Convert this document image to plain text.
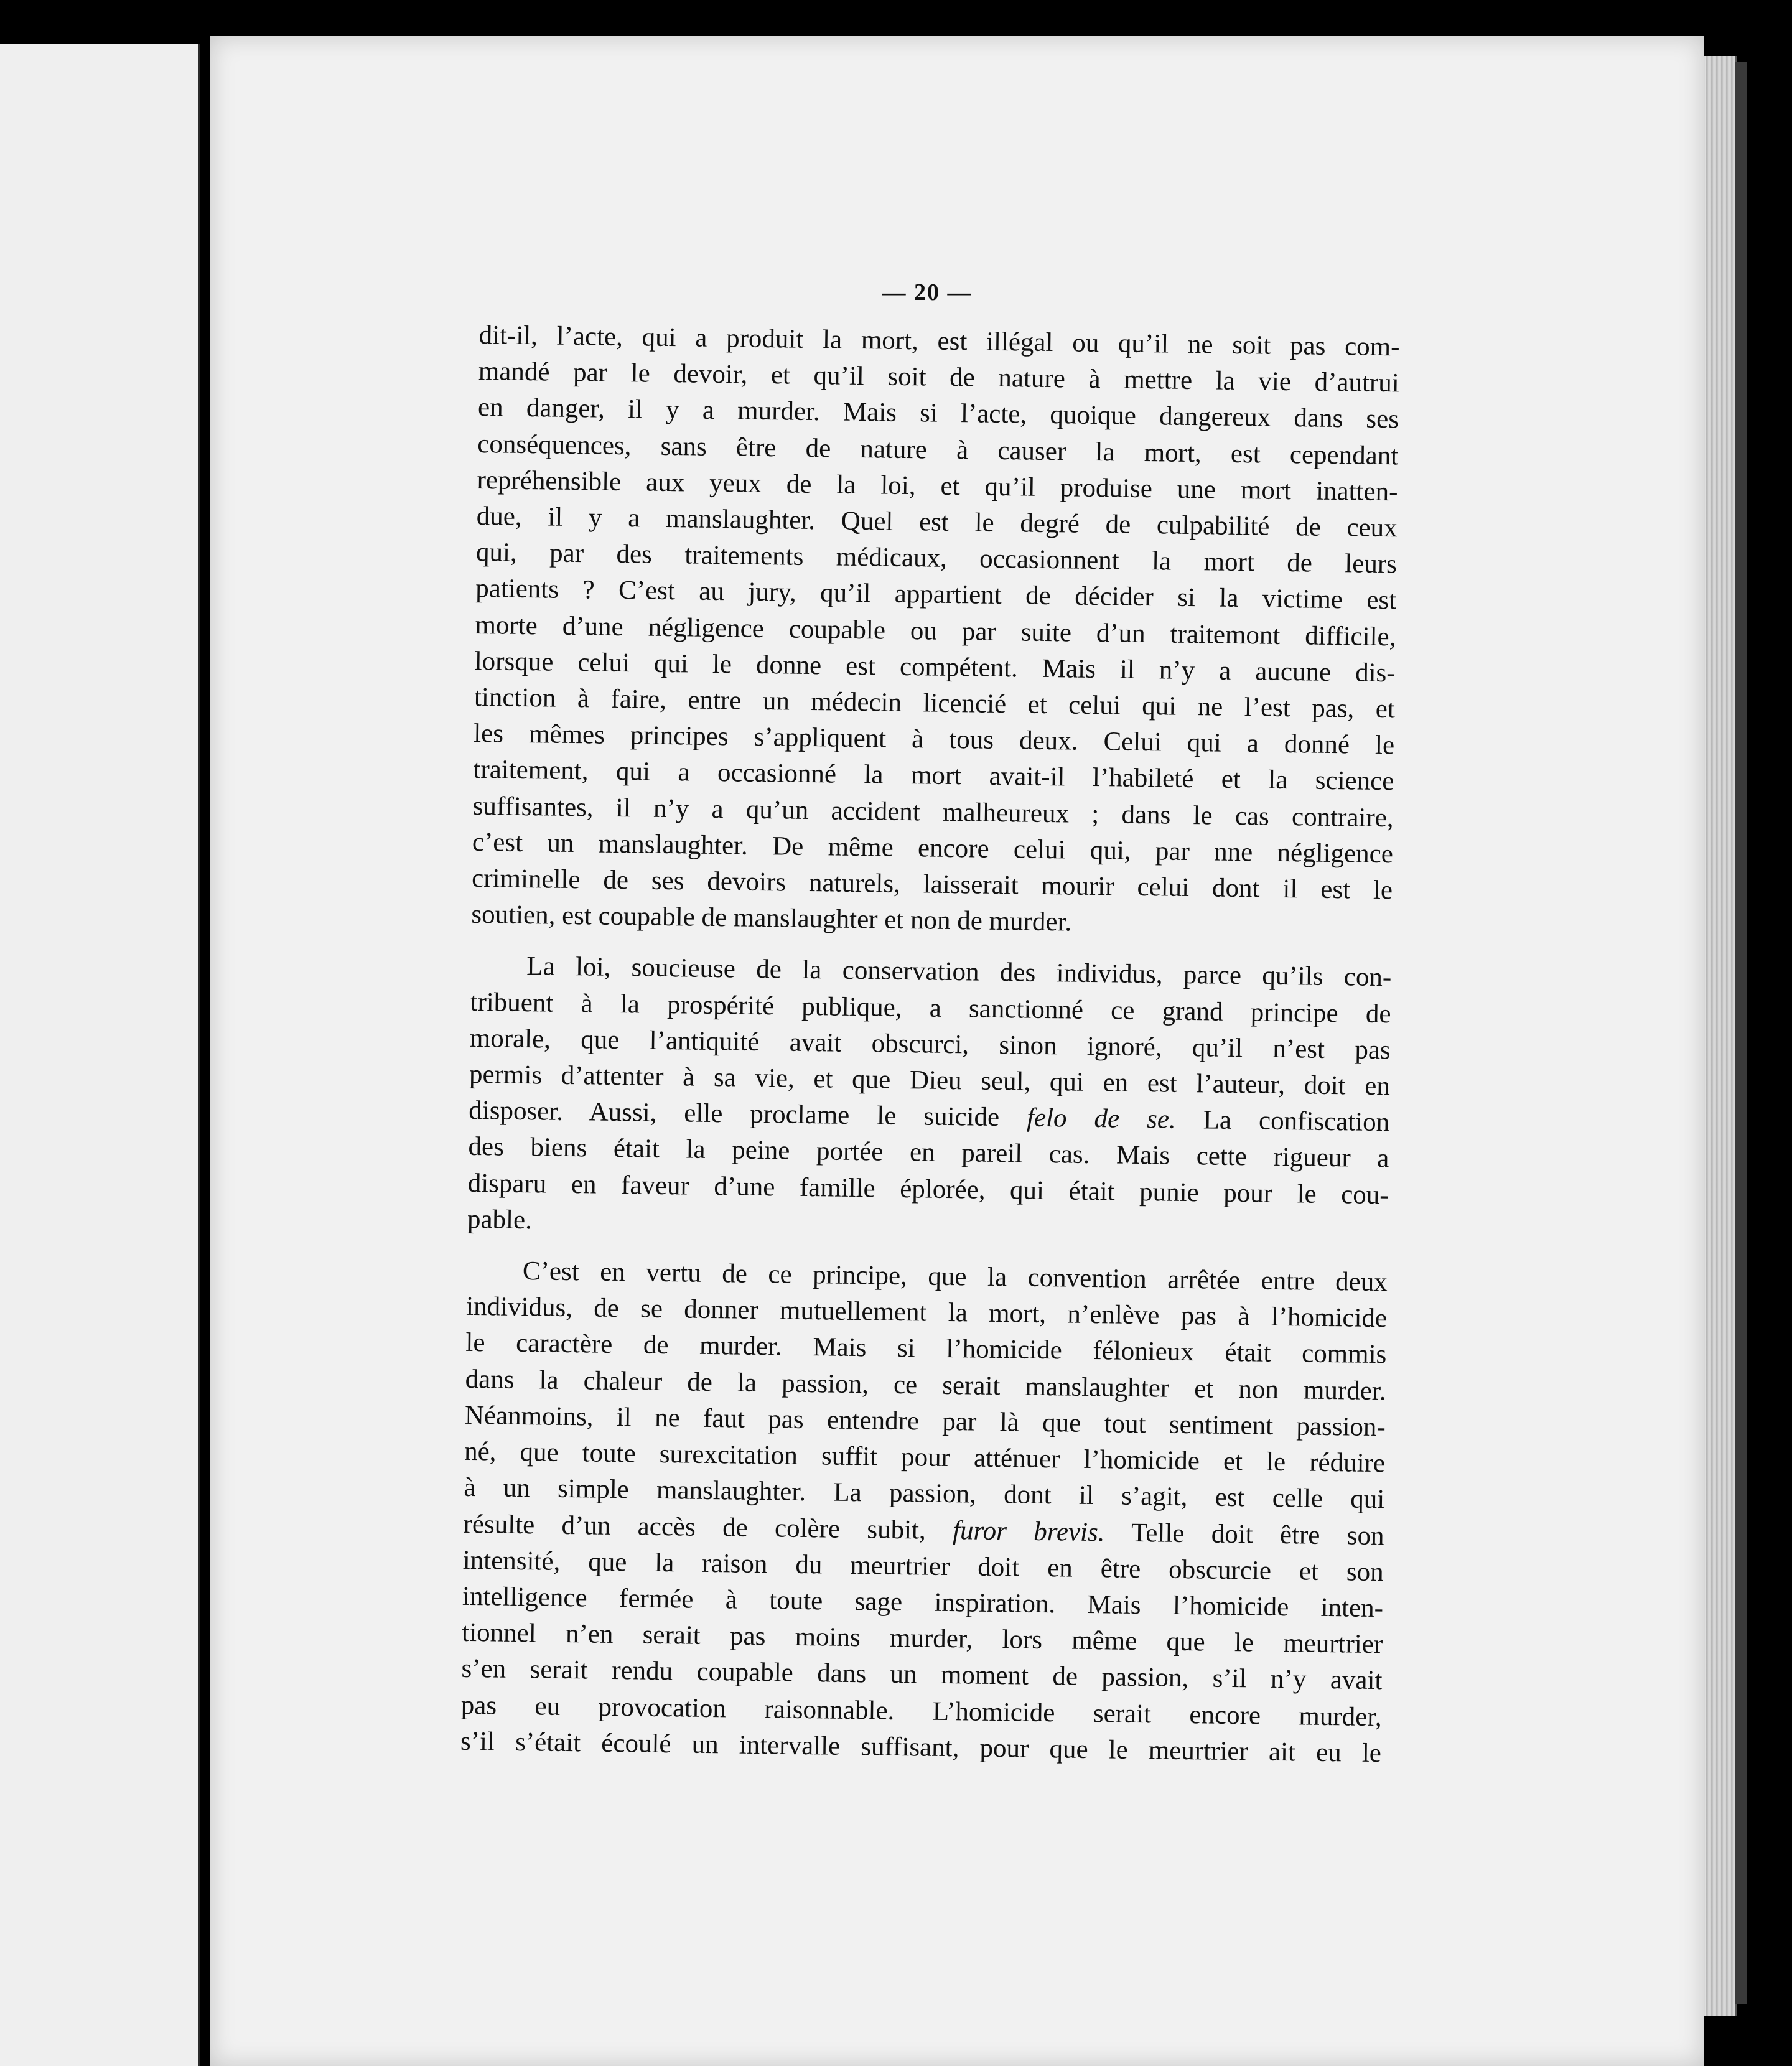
— 20 —

dit-il, l’acte, qui a produit la mort, est illégal ou qu’il ne soit pas com-

mandé par le devoir, et qu’il soit de nature à mettre la vie d’autrui

en danger, il y a murder. Mais si l’acte, quoique dangereux dans ses

conséquences, sans être de nature à causer la mort, est cependant

repréhensible aux yeux de la loi, et qu’il produise une mort inatten-

due, il y a manslaughter. Quel est le degré de culpabilité de ceux

qui, par des traitements médicaux, occasionnent la mort de leurs

patients ? C’est au jury, qu’il appartient de décider si la victime est

morte d’une négligence coupable ou par suite d’un traitemont difficile,

lorsque celui qui le donne est compétent. Mais il n’y a aucune dis-

tinction à faire, entre un médecin licencié et celui qui ne l’est pas, et

les mêmes principes s’appliquent à tous deux. Celui qui a donné le

traitement, qui a occasionné la mort avait-il l’habileté et la science

suffisantes, il n’y a qu’un accident malheureux ; dans le cas contraire,

c’est un manslaughter. De même encore celui qui, par nne négligence

criminelle de ses devoirs naturels, laisserait mourir celui dont il est le

soutien, est coupable de manslaughter et non de murder.

La loi, soucieuse de la conservation des individus, parce qu’ils con-

tribuent à la prospérité publique, a sanctionné ce grand principe de

morale, que l’antiquité avait obscurci, sinon ignoré, qu’il n’est pas

permis d’attenter à sa vie, et que Dieu seul, qui en est l’auteur, doit en

disposer. Aussi, elle proclame le suicide felo de se. La confiscation

des biens était la peine portée en pareil cas. Mais cette rigueur a

disparu en faveur d’une famille éplorée, qui était punie pour le cou-

pable.

C’est en vertu de ce principe, que la convention arrêtée entre deux

individus, de se donner mutuellement la mort, n’enlève pas à l’homicide

le caractère de murder. Mais si l’homicide félonieux était commis

dans la chaleur de la passion, ce serait manslaughter et non murder.

Néanmoins, il ne faut pas entendre par là que tout sentiment passion-

né, que toute surexcitation suffit pour atténuer l’homicide et le réduire

à un simple manslaughter. La passion, dont il s’agit, est celle qui

résulte d’un accès de colère subit, furor brevis. Telle doit être son

intensité, que la raison du meurtrier doit en être obscurcie et son

intelligence fermée à toute sage inspiration. Mais l’homicide inten-

tionnel n’en serait pas moins murder, lors même que le meurtrier

s’en serait rendu coupable dans un moment de passion, s’il n’y avait

pas eu provocation raisonnable. L’homicide serait encore murder,

s’il s’était écoulé un intervalle suffisant, pour que le meurtrier ait eu le
